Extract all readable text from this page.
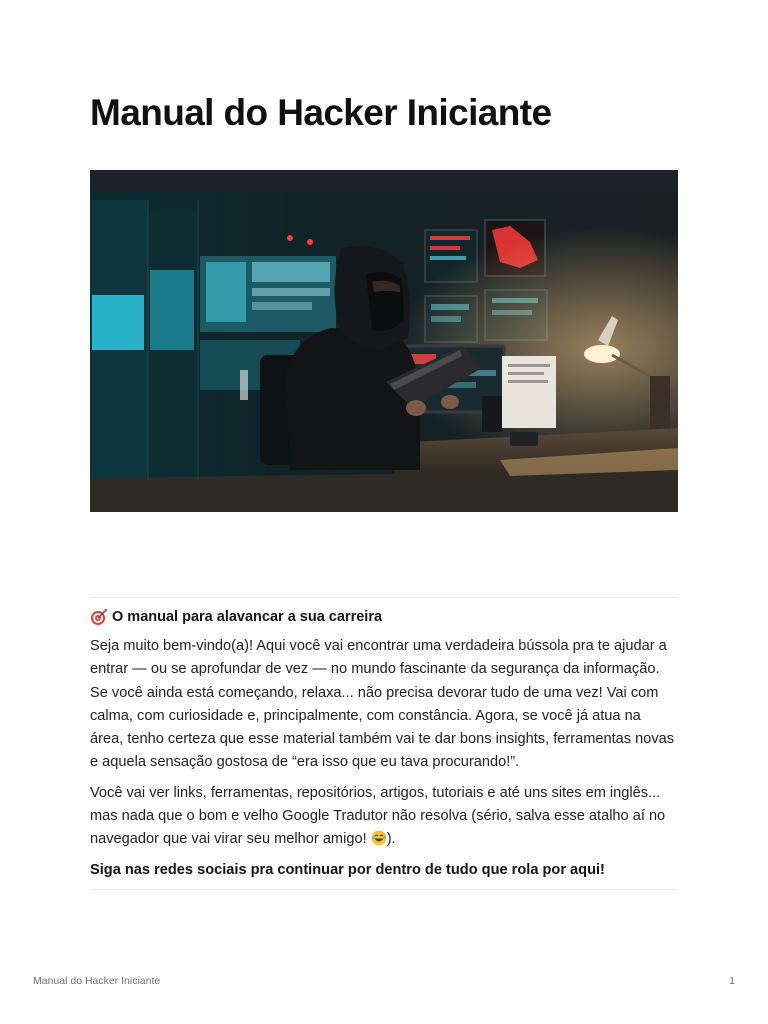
Manual do Hacker Iniciante
O manual para alavancar a sua carreira

Seja muito bem-vindo(a)! Aqui você vai encontrar uma verdadeira bússola pra te ajudar a entrar — ou se aprofundar de vez — no mundo fascinante da segurança da informação. Se você ainda está começando, relaxa... não precisa devorar tudo de uma vez! Vai com calma, com curiosidade e, principalmente, com constância. Agora, se você já atua na área, tenho certeza que esse material também vai te dar bons insights, ferramentas novas e aquela sensação gostosa de “era isso que eu tava procurando!”.

Você vai ver links, ferramentas, repositórios, artigos, tutoriais e até uns sites em inglês... mas nada que o bom e velho Google Tradutor não resolva (sério, salva esse atalho aí no navegador que vai virar seu melhor amigo! ).

Siga nas redes sociais pra continuar por dentro de tudo que rola por aqui!

Manual do Hacker Iniciante	1
